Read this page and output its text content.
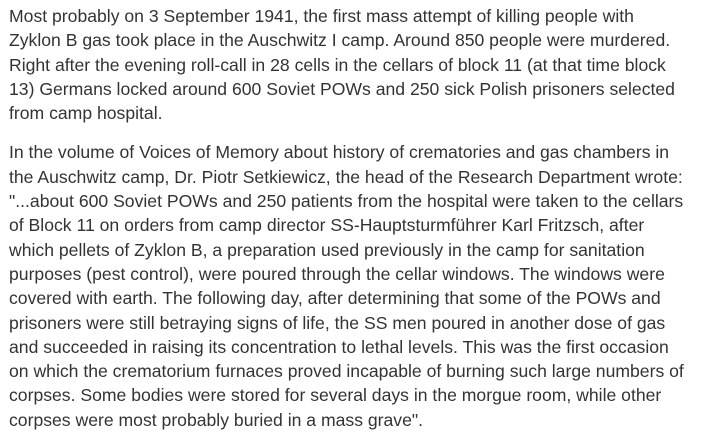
Most probably on 3 September 1941, the first mass attempt of killing people with
Zyklon B gas took place in the Auschwitz I camp. Around 850 people were murdered.
Right after the evening roll-call in 28 cells in the cellars of block 11 (at that time block
13) Germans locked around 600 Soviet POWs and 250 sick Polish prisoners selected
from camp hospital.

In the volume of Voices of Memory about history of crematories and gas chambers in
the Auschwitz camp, Dr. Piotr Setkiewicz, the head of the Research Department wrote:
"...about 600 Soviet POWs and 250 patients from the hospital were taken to the cellars
of Block 11 on orders from camp director SS-Hauptsturmführer Karl Fritzsch, after
which pellets of Zyklon B, a preparation used previously in the camp for sanitation
purposes (pest control), were poured through the cellar windows. The windows were
covered with earth. The following day, after determining that some of the POWs and
prisoners were still betraying signs of life, the SS men poured in another dose of gas
and succeeded in raising its concentration to lethal levels. This was the first occasion
on which the crematorium furnaces proved incapable of burning such large numbers of
corpses. Some bodies were stored for several days in the morgue room, while other
corpses were most probably buried in a mass grave".
